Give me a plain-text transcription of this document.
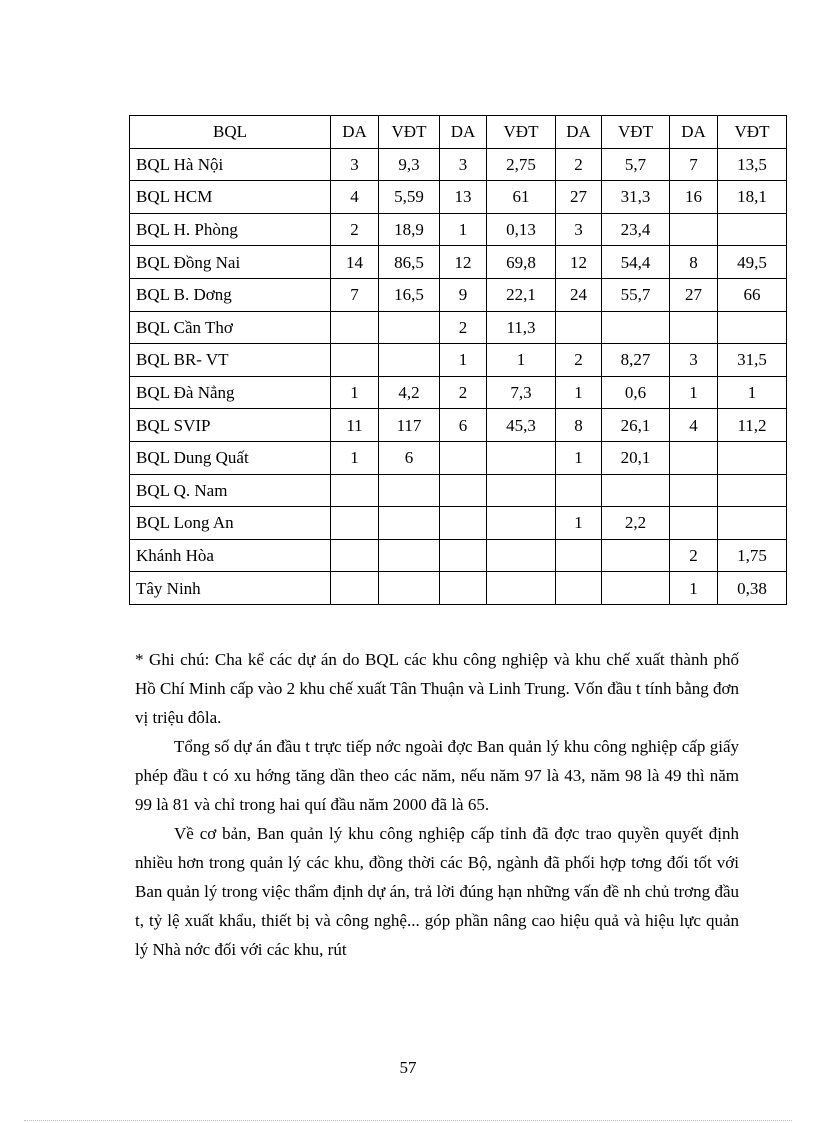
BQL	DA	VĐT	DA	VĐT	DA	VĐT	DA	VĐT
BQL Hà Nội	3	9,3	3	2,75	2	5,7	7	13,5
BQL HCM	4	5,59	13	61	27	31,3	16	18,1
BQL H. Phòng	2	18,9	1	0,13	3	23,4		
BQL Đồng Nai	14	86,5	12	69,8	12	54,4	8	49,5
BQL B. Dơng	7	16,5	9	22,1	24	55,7	27	66
BQL Cần Thơ			2	11,3				
BQL BR- VT			1	1	2	8,27	3	31,5
BQL Đà Nẳng	1	4,2	2	7,3	1	0,6	1	1
BQL SVIP	11	117	6	45,3	8	26,1	4	11,2
BQL Dung Quất	1	6			1	20,1		
BQL Q. Nam								
BQL Long An					1	2,2		
Khánh Hòa							2	1,75
Tây Ninh							1	0,38

* Ghi chú: Cha kể các dự án do BQL các khu công nghiệp và khu chế xuất thành phố Hồ Chí Minh cấp vào 2 khu chế xuất Tân Thuận và Linh Trung. Vốn đầu t tính bằng đơn vị triệu đôla.

Tổng số dự án đầu t trực tiếp nớc ngoài đợc Ban quản lý khu công nghiệp cấp giấy phép đầu t có xu hớng tăng dần theo các năm, nếu năm 97 là 43, năm 98 là 49 thì năm 99 là 81 và chỉ trong hai quí đầu năm 2000 đã là 65.

Về cơ bản, Ban quản lý khu công nghiệp cấp tỉnh đã đợc trao quyền quyết định nhiều hơn trong quản lý các khu, đồng thời các Bộ, ngành đã phối hợp tơng đối tốt với Ban quản lý trong việc thẩm định dự án, trả lời đúng hạn những vấn đề nh chủ trơng đầu t, tỷ lệ xuất khẩu, thiết bị và công nghệ... góp phần nâng cao hiệu quả và hiệu lực quản lý Nhà nớc đối với các khu, rút

57
